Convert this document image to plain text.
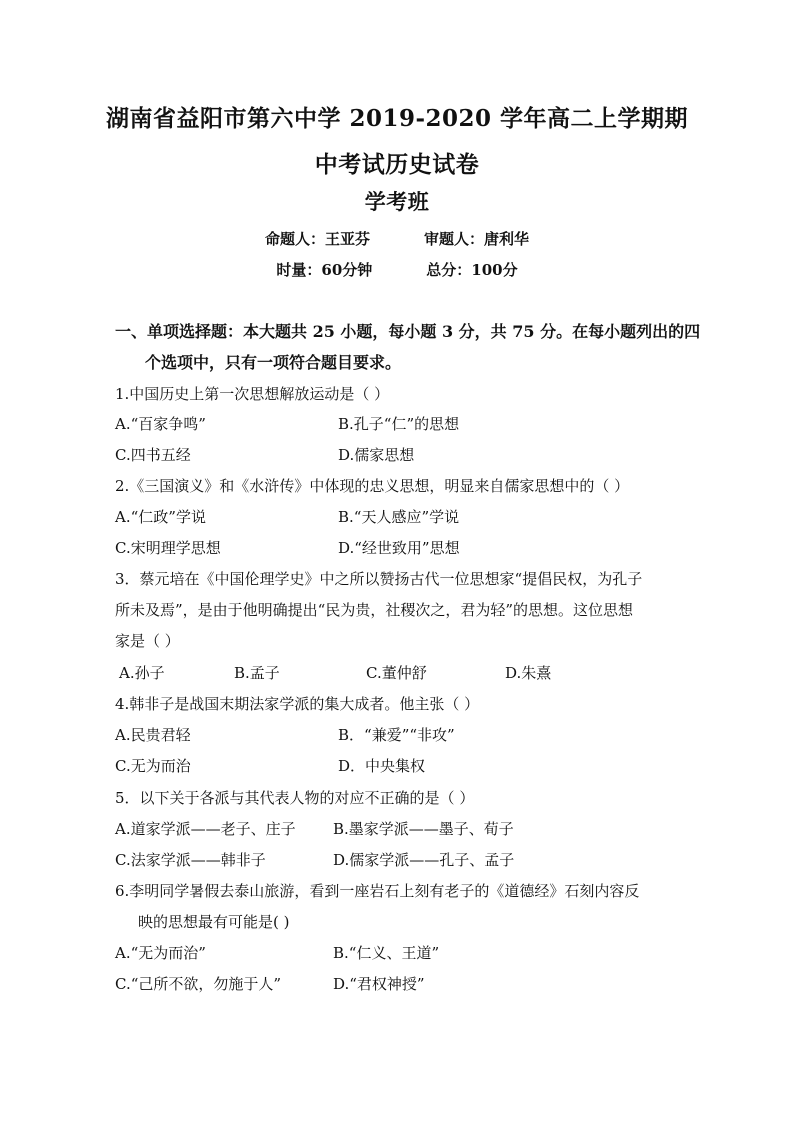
湖南省益阳市第六中学 2019-2020 学年高二上学期期
中考试历史试卷
学考班
命题人：王亚芬	审题人：唐利华
时量：60分钟	总分：100分
一、单项选择题：本大题共 25 小题，每小题 3 分，共 75 分。在每小题列出的四
个选项中，只有一项符合题目要求。
1.中国历史上第一次思想解放运动是（ ）
A.“百家争鸣”	B.孔子“仁”的思想
C.四书五经	D.儒家思想
2.《三国演义》和《水浒传》中体现的忠义思想，明显来自儒家思想中的（ ）
A.“仁政”学说	B.“天人感应”学说
C.宋明理学思想	D.“经世致用”思想
3．蔡元培在《中国伦理学史》中之所以赞扬古代一位思想家“提倡民权，为孔子
所未及焉”，是由于他明确提出“民为贵，社稷次之，君为轻”的思想。这位思想
家是（ ）
A.孙子	B.孟子	C.董仲舒	D.朱熹
4.韩非子是战国末期法家学派的集大成者。他主张（ ）
A.民贵君轻	B．“兼爱”“非攻”
C.无为而治	D．中央集权
5．以下关于各派与其代表人物的对应不正确的是（ ）
A.道家学派——老子、庄子 B.墨家学派——墨子、荀子
C.法家学派——韩非子	D.儒家学派——孔子、孟子
6.李明同学暑假去泰山旅游，看到一座岩石上刻有老子的《道德经》石刻内容反
映的思想最有可能是( )
A.“无为而治”	B.“仁义、王道”
C.“己所不欲，勿施于人”	D.“君权神授”
